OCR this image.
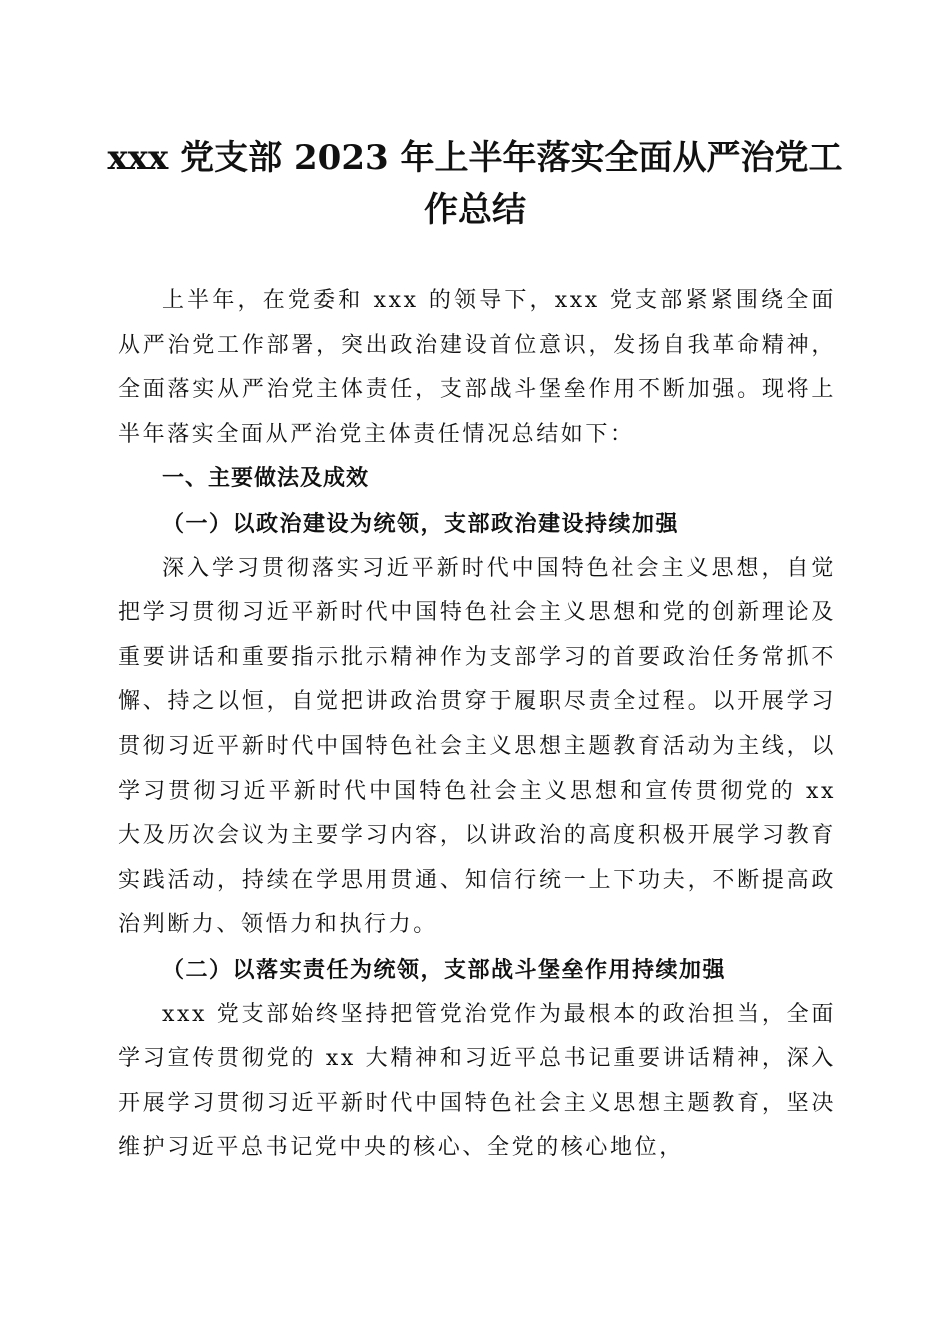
xxx 党支部 2023 年上半年落实全面从严治党工
作总结

上半年，在党委和 xxx 的领导下，xxx 党支部紧紧围绕全面从严治党工作部署，突出政治建设首位意识，发扬自我革命精神，全面落实从严治党主体责任，支部战斗堡垒作用不断加强。现将上半年落实全面从严治党主体责任情况总结如下：

一、主要做法及成效

（一）以政治建设为统领，支部政治建设持续加强

深入学习贯彻落实习近平新时代中国特色社会主义思想，自觉把学习贯彻习近平新时代中国特色社会主义思想和党的创新理论及重要讲话和重要指示批示精神作为支部学习的首要政治任务常抓不懈、持之以恒，自觉把讲政治贯穿于履职尽责全过程。以开展学习贯彻习近平新时代中国特色社会主义思想主题教育活动为主线，以学习贯彻习近平新时代中国特色社会主义思想和宣传贯彻党的 xx 大及历次会议为主要学习内容，以讲政治的高度积极开展学习教育实践活动，持续在学思用贯通、知信行统一上下功夫，不断提高政治判断力、领悟力和执行力。

（二）以落实责任为统领，支部战斗堡垒作用持续加强

xxx 党支部始终坚持把管党治党作为最根本的政治担当，全面学习宣传贯彻党的 xx 大精神和习近平总书记重要讲话精神，深入开展学习贯彻习近平新时代中国特色社会主义思想主题教育，坚决维护习近平总书记党中央的核心、全党的核心地位，
